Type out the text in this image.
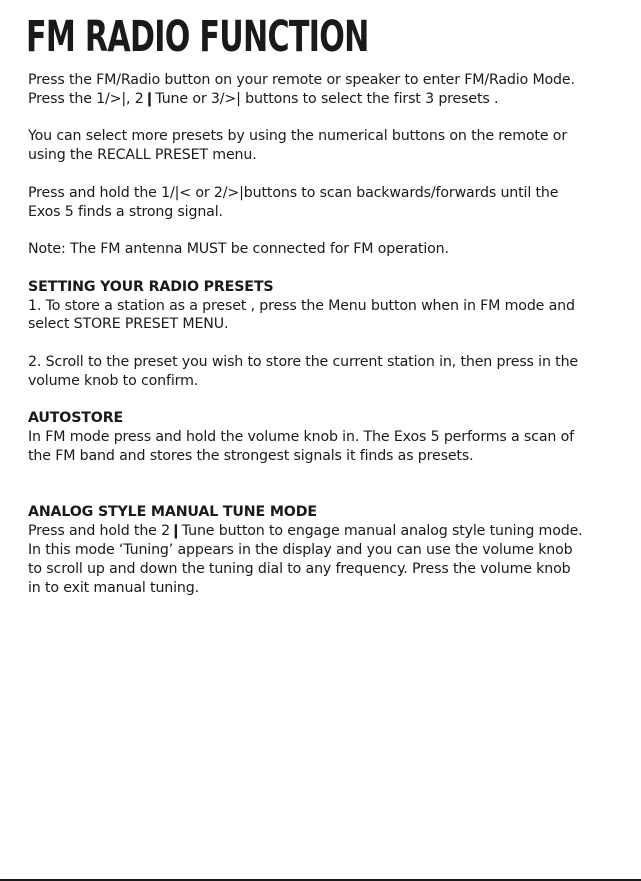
FM RADIO FUNCTION

Press the FM/Radio button on your remote or speaker to enter FM/Radio Mode.
Press the 1/>|, 2❙Tune or 3/>| buttons to select the first 3 presets .

You can select more presets by using the numerical buttons on the remote or
using the RECALL PRESET menu.

Press and hold the 1/|< or 2/>|buttons to scan backwards/forwards until the
Exos 5 finds a strong signal.

Note: The FM antenna MUST be connected for FM operation.

SETTING YOUR RADIO PRESETS
1. To store a station as a preset , press the Menu button when in FM mode and
select STORE PRESET MENU.

2. Scroll to the preset you wish to store the current station in, then press in the
volume knob to confirm.

AUTOSTORE
In FM mode press and hold the volume knob in. The Exos 5 performs a scan of
the FM band and stores the strongest signals it finds as presets.

ANALOG STYLE MANUAL TUNE MODE
Press and hold the 2❙Tune button to engage manual analog style tuning mode.
In this mode ‘Tuning’ appears in the display and you can use the volume knob
to scroll up and down the tuning dial to any frequency. Press the volume knob
in to exit manual tuning.
